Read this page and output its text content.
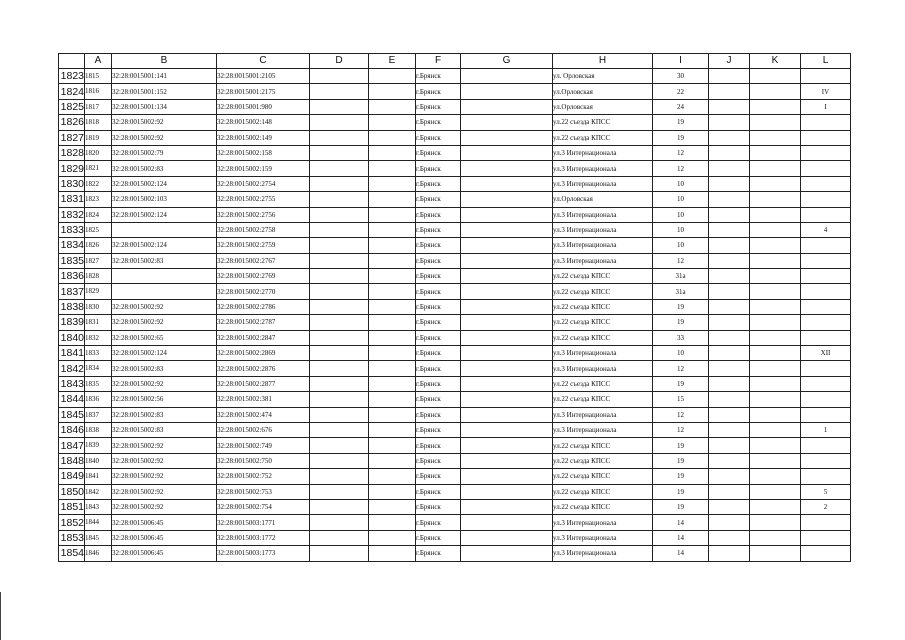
	A	B	C	D	E	F	G	H	I	J	K	L
1823	1815	32:28:0015001:141	32:28:0015001:2105			г.Брянск		ул. Орловская	30			
1824	1816	32:28:0015001:152	32:28:0015001:2175			г.Брянск		ул.Орловская	22			IV
1825	1817	32:28:0015001:134	32:28:0015001:980			г.Брянск		ул.Орловская	24			I
1826	1818	32:28:0015002:92	32:28:0015002:148			г.Брянск		ул.22 съезда КПСС	19			
1827	1819	32:28:0015002:92	32:28:0015002:149			г.Брянск		ул.22 съезда КПСС	19			
1828	1820	32:28:0015002:79	32:28:0015002:158			г.Брянск		ул.3 Интернационала	12			
1829	1821	32:28:0015002:83	32:28:0015002:159			г.Брянск		ул.3 Интернационала	12			
1830	1822	32:28:0015002:124	32:28:0015002:2754			г.Брянск		ул.3 Интернационала	10			
1831	1823	32:28:0015002:103	32:28:0015002:2755			г.Брянск		ул.Орловская	10			
1832	1824	32:28:0015002:124	32:28:0015002:2756			г.Брянск		ул.3 Интернационала	10			
1833	1825		32:28:0015002:2758			г.Брянск		ул.3 Интернационала	10			4
1834	1826	32:28:0015002:124	32:28:0015002:2759			г.Брянск		ул.3 Интернационала	10			
1835	1827	32:28:0015002:83	32:28:0015002:2767			г.Брянск		ул.3 Интернационала	12			
1836	1828		32:28:0015002:2769			г.Брянск		ул.22 съезда КПСС	31а			
1837	1829		32:28:0015002:2770			г.Брянск		ул.22 съезда КПСС	31а			
1838	1830	32:28:0015002:92	32:28:0015002:2786			г.Брянск		ул.22 съезда КПСС	19			
1839	1831	32:28:0015002:92	32:28:0015002:2787			г.Брянск		ул.22 съезда КПСС	19			
1840	1832	32:28:0015002:65	32:28:0015002:2847			г.Брянск		ул.22 съезда КПСС	33			
1841	1833	32:28:0015002:124	32:28:0015002:2869			г.Брянск		ул.3 Интернационала	10			XII
1842	1834	32:28:0015002:83	32:28:0015002:2876			г.Брянск		ул.3 Интернационала	12			
1843	1835	32:28:0015002:92	32:28:0015002:2877			г.Брянск		ул.22 съезда КПСС	19			
1844	1836	32:28:0015002:56	32:28:0015002:381			г.Брянск		ул.22 съезда КПСС	15			
1845	1837	32:28:0015002:83	32:28:0015002:474			г.Брянск		ул.3 Интернационала	12			
1846	1838	32:28:0015002:83	32:28:0015002:676			г.Брянск		ул.3 Интернационала	12			1
1847	1839	32:28:0015002:92	32:28:0015002:749			г.Брянск		ул.22 съезда КПСС	19			
1848	1840	32:28:0015002:92	32:28:0015002:750			г.Брянск		ул.22 съезда КПСС	19			
1849	1841	32:28:0015002:92	32:28:0015002:752			г.Брянск		ул.22 съезда КПСС	19			
1850	1842	32:28:0015002:92	32:28:0015002:753			г.Брянск		ул.22 съезда КПСС	19			5
1851	1843	32:28:0015002:92	32:28:0015002:754			г.Брянск		ул.22 съезда КПСС	19			2
1852	1844	32:28:0015006:45	32:28:0015003:1771			г.Брянск		ул.3 Интернационала	14			
1853	1845	32:28:0015006:45	32:28:0015003:1772			г.Брянск		ул.3 Интернационала	14			
1854	1846	32:28:0015006:45	32:28:0015003:1773			г.Брянск		ул.3 Интернационала	14			
